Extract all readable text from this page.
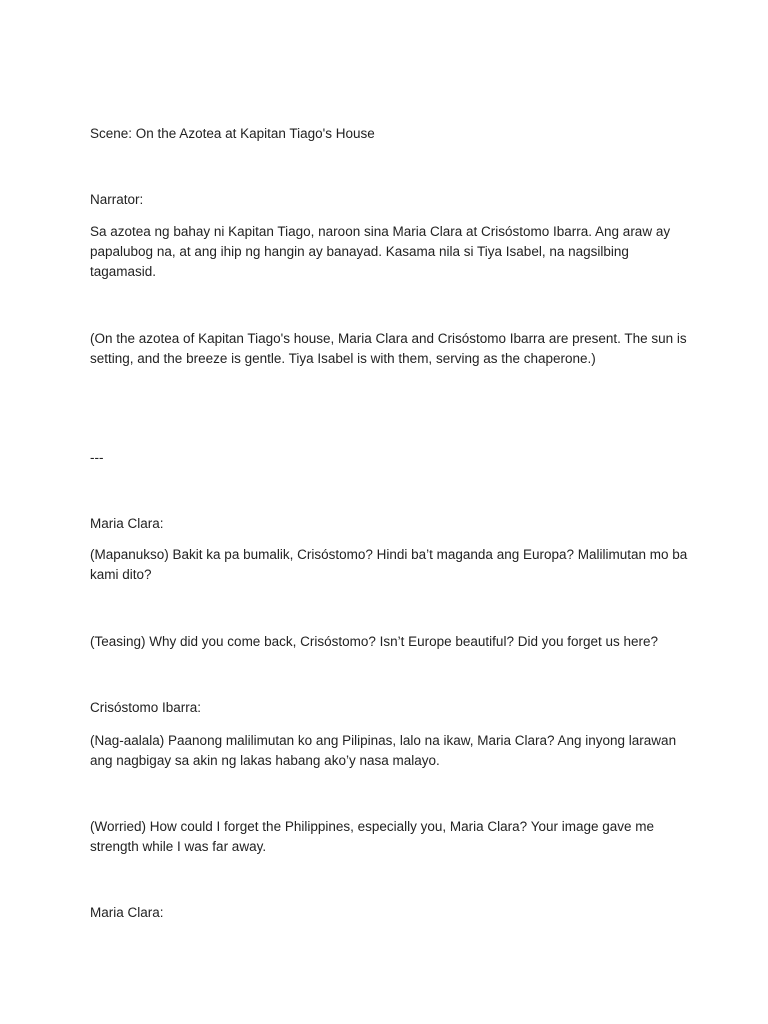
Scene: On the Azotea at Kapitan Tiago's House

Narrator:

Sa azotea ng bahay ni Kapitan Tiago, naroon sina Maria Clara at Crisóstomo Ibarra. Ang araw ay papalubog na, at ang ihip ng hangin ay banayad. Kasama nila si Tiya Isabel, na nagsilbing tagamasid.

(On the azotea of Kapitan Tiago's house, Maria Clara and Crisóstomo Ibarra are present. The sun is setting, and the breeze is gentle. Tiya Isabel is with them, serving as the chaperone.)

---

Maria Clara:

(Mapanukso) Bakit ka pa bumalik, Crisóstomo? Hindi ba’t maganda ang Europa? Malilimutan mo ba kami dito?

(Teasing) Why did you come back, Crisóstomo? Isn’t Europe beautiful? Did you forget us here?

Crisóstomo Ibarra:

(Nag-aalala) Paanong malilimutan ko ang Pilipinas, lalo na ikaw, Maria Clara? Ang inyong larawan ang nagbigay sa akin ng lakas habang ako’y nasa malayo.

(Worried) How could I forget the Philippines, especially you, Maria Clara? Your image gave me strength while I was far away.

Maria Clara:
